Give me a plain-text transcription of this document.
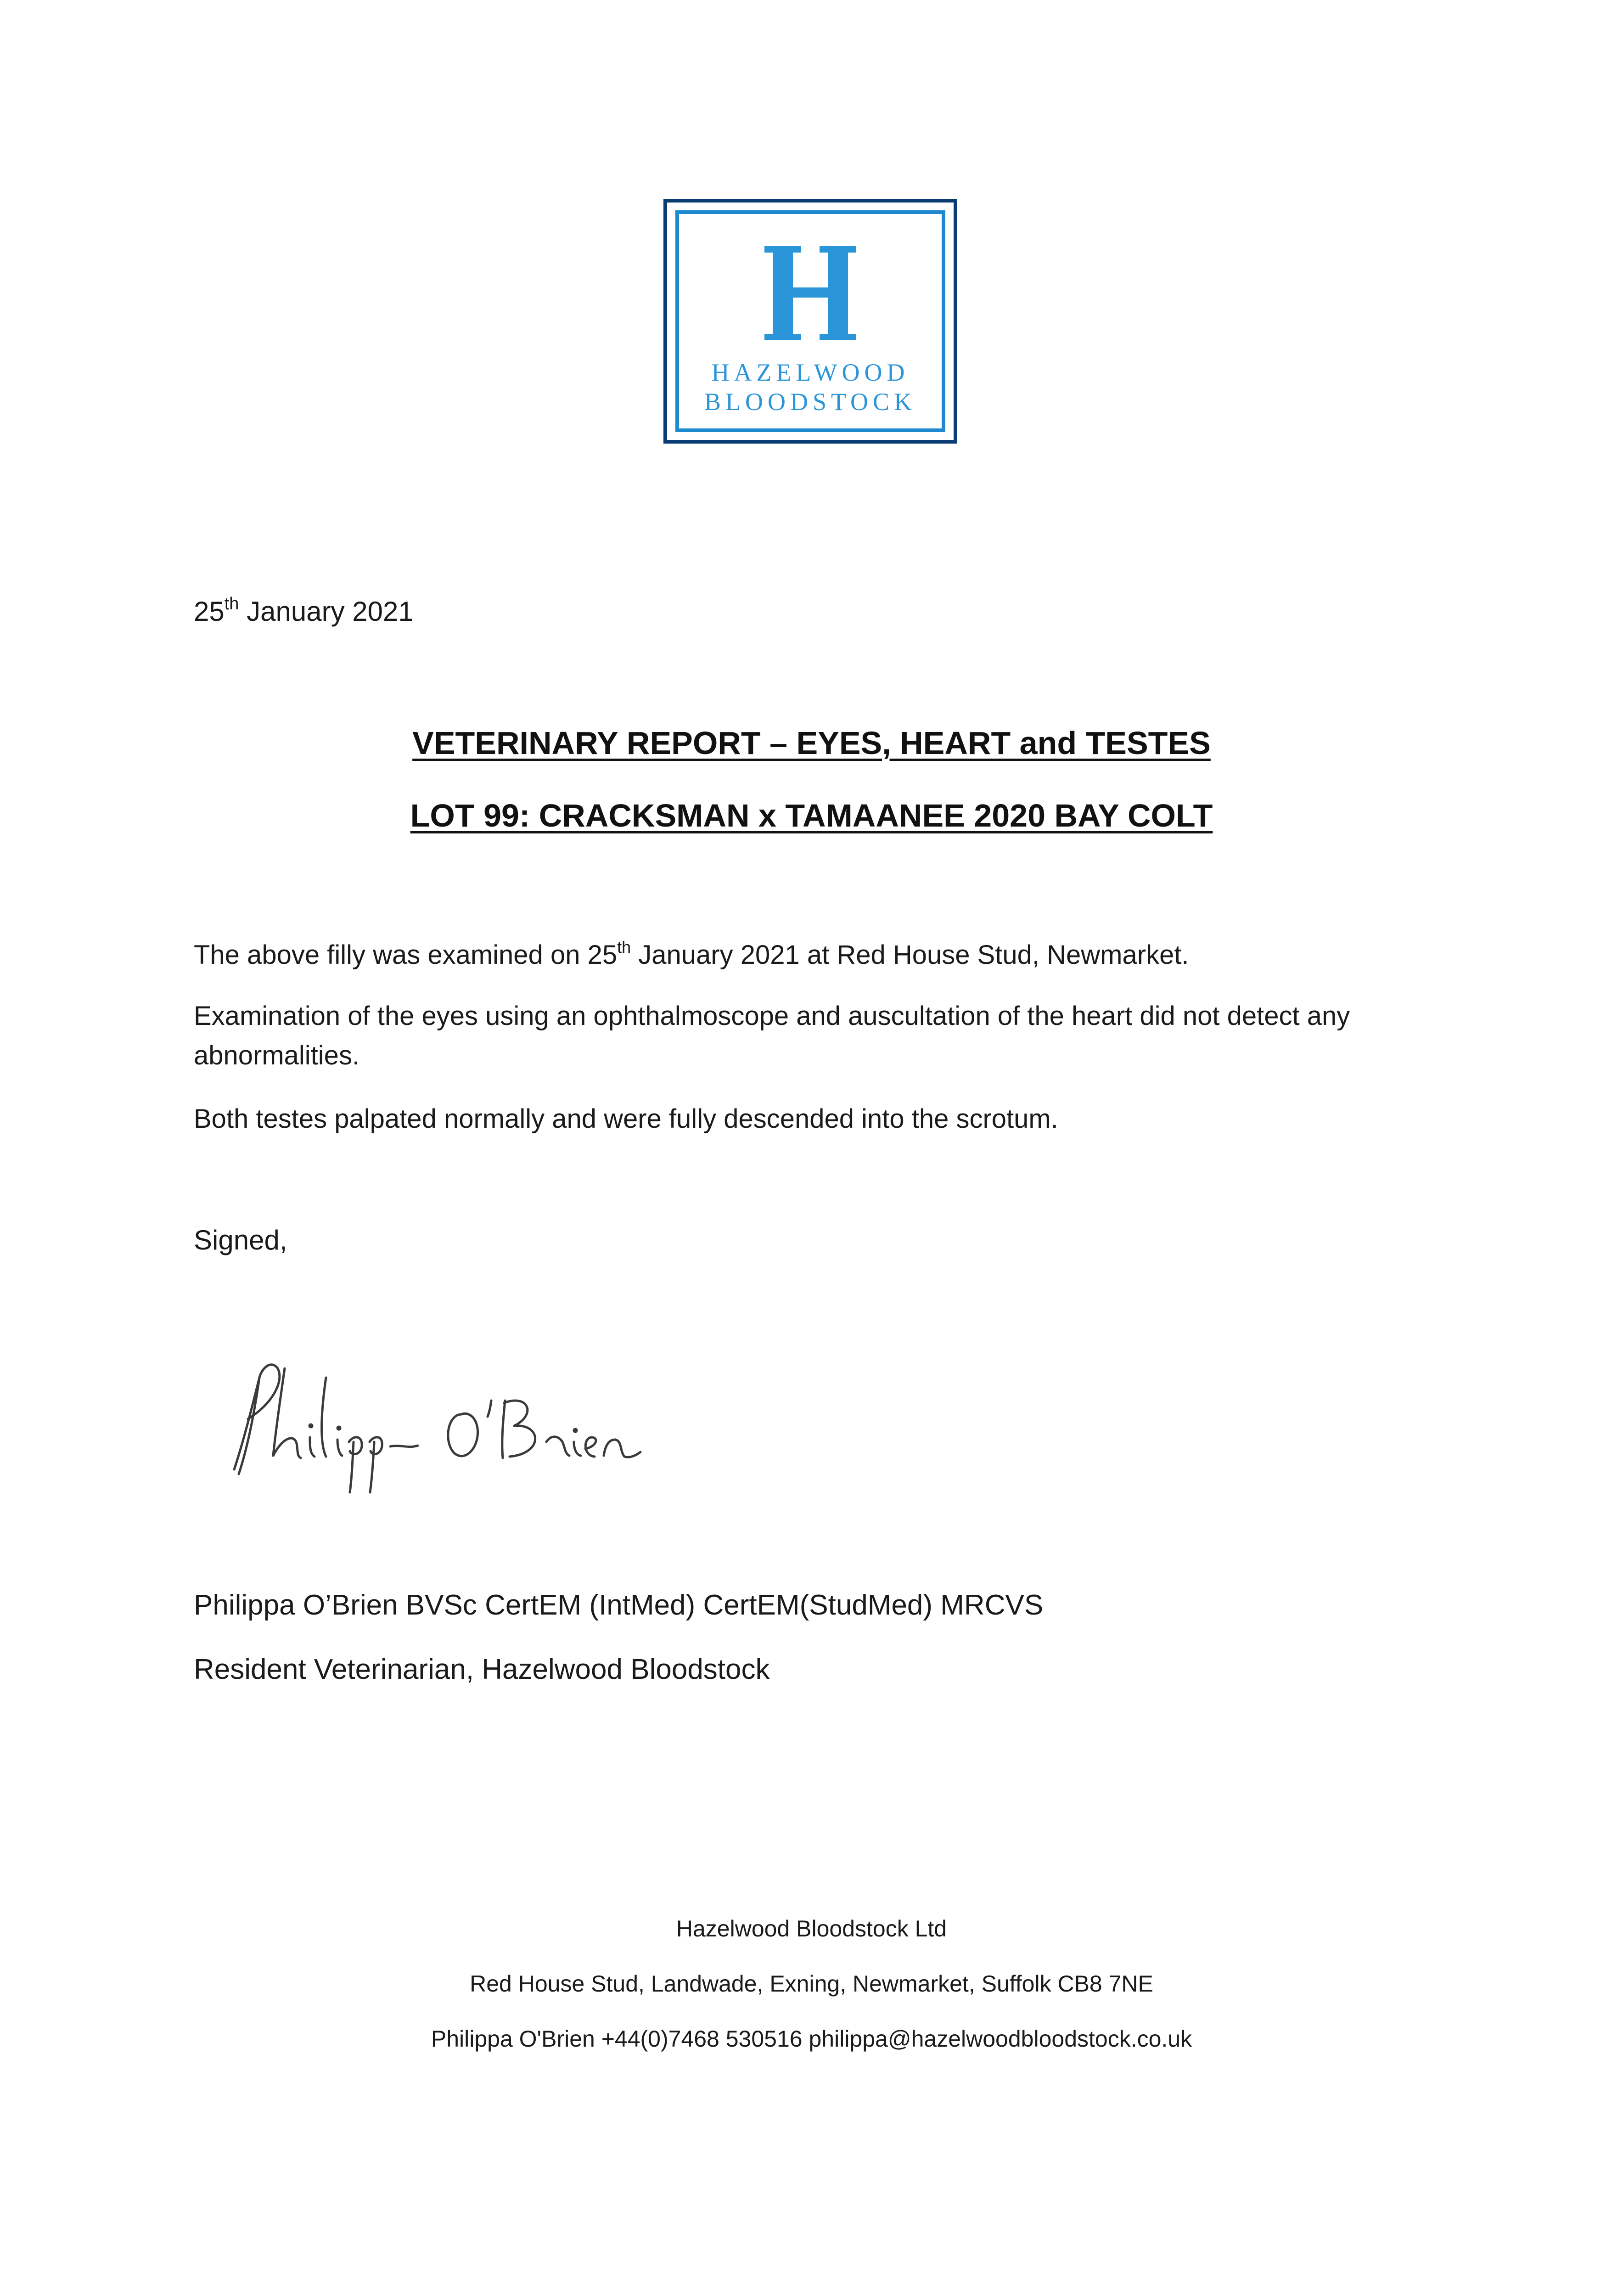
HAZELWOOD
BLOODSTOCK
25th January 2021
VETERINARY REPORT – EYES, HEART and TESTES
LOT 99: CRACKSMAN x TAMAANEE 2020 BAY COLT
The above filly was examined on 25th January 2021 at Red House Stud, Newmarket.
Examination of the eyes using an ophthalmoscope and auscultation of the heart did not detect any abnormalities.
Both testes palpated normally and were fully descended into the scrotum.
Signed,
Philippa O’Brien BVSc CertEM (IntMed) CertEM(StudMed) MRCVS
Resident Veterinarian, Hazelwood Bloodstock
Hazelwood Bloodstock Ltd
Red House Stud, Landwade, Exning, Newmarket, Suffolk CB8 7NE
Philippa O'Brien +44(0)7468 530516 philippa@hazelwoodbloodstock.co.uk
